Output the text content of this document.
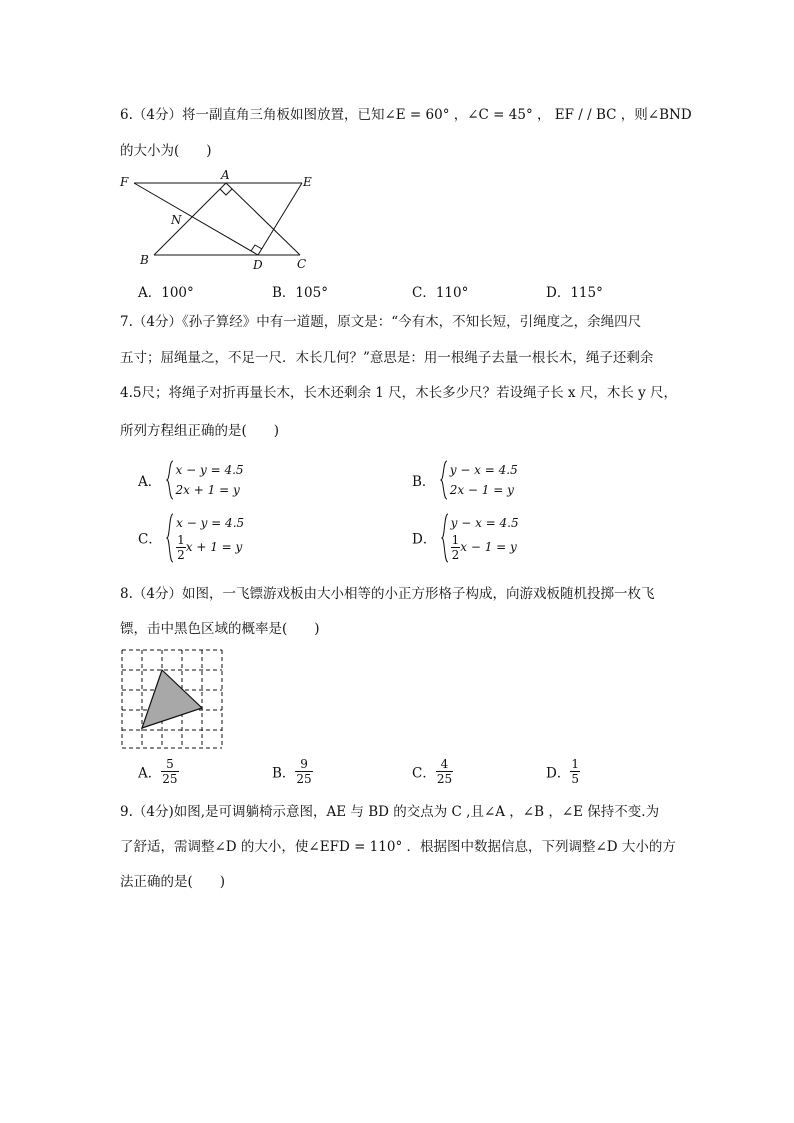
6.（4分）将一副直角三角板如图放置，已知∠E = 60° ，∠C = 45° ， EF / / BC ，则∠BND
的大小为(　　)
F	A	E
N
B	D	C
A．100°	B．105°	C．110°	D．115°
7.（4分）《孙子算经》中有一道题，原文是：“今有木，不知长短，引绳度之，余绳四尺
五寸；屈绳量之，不足一尺．木长几何？”意思是：用一根绳子去量一根长木，绳子还剩余
4.5尺；将绳子对折再量长木，长木还剩余 1 尺，木长多少尺？若设绳子长 x 尺，木长 y 尺，
所列方程组正确的是(　　)
A．
x − y = 4.5
2x + 1 = y	B．
y − x = 4.5
2x − 1 = y
C．
x − y = 4.5
$\frac{1}{2}$ x + 1 = y	D．
y − x = 4.5
$\frac{1}{2}$ x − 1 = y
8.（4分）如图，一飞镖游戏板由大小相等的小正方形格子构成，向游戏板随机投掷一枚飞
镖，击中黑色区域的概率是(　　)
A． $\frac{5}{25}$	B． $\frac{9}{25}$	C． $\frac{4}{25}$	D． $\frac{1}{5}$
9.（4分)如图,是可调躺椅示意图，AE 与 BD 的交点为 C ,且∠A ，∠B ，∠E 保持不变.为
了舒适，需调整∠D 的大小，使∠EFD = 110° ．根据图中数据信息，下列调整∠D 大小的方
法正确的是(　　)
